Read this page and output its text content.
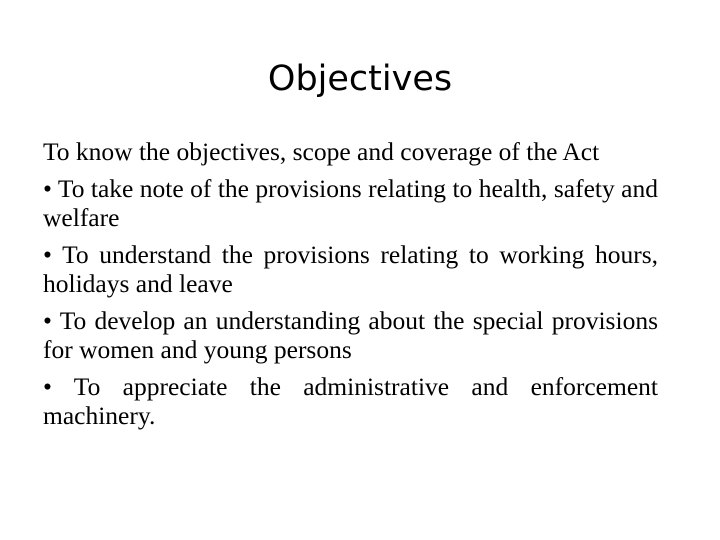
Objectives

To know the objectives, scope and coverage of the Act

• To take note of the provisions relating to health, safety and welfare

• To understand the provisions relating to working hours, holidays and leave

• To develop an understanding about the special provisions for women and young persons

• To appreciate the administrative and enforcement machinery.
